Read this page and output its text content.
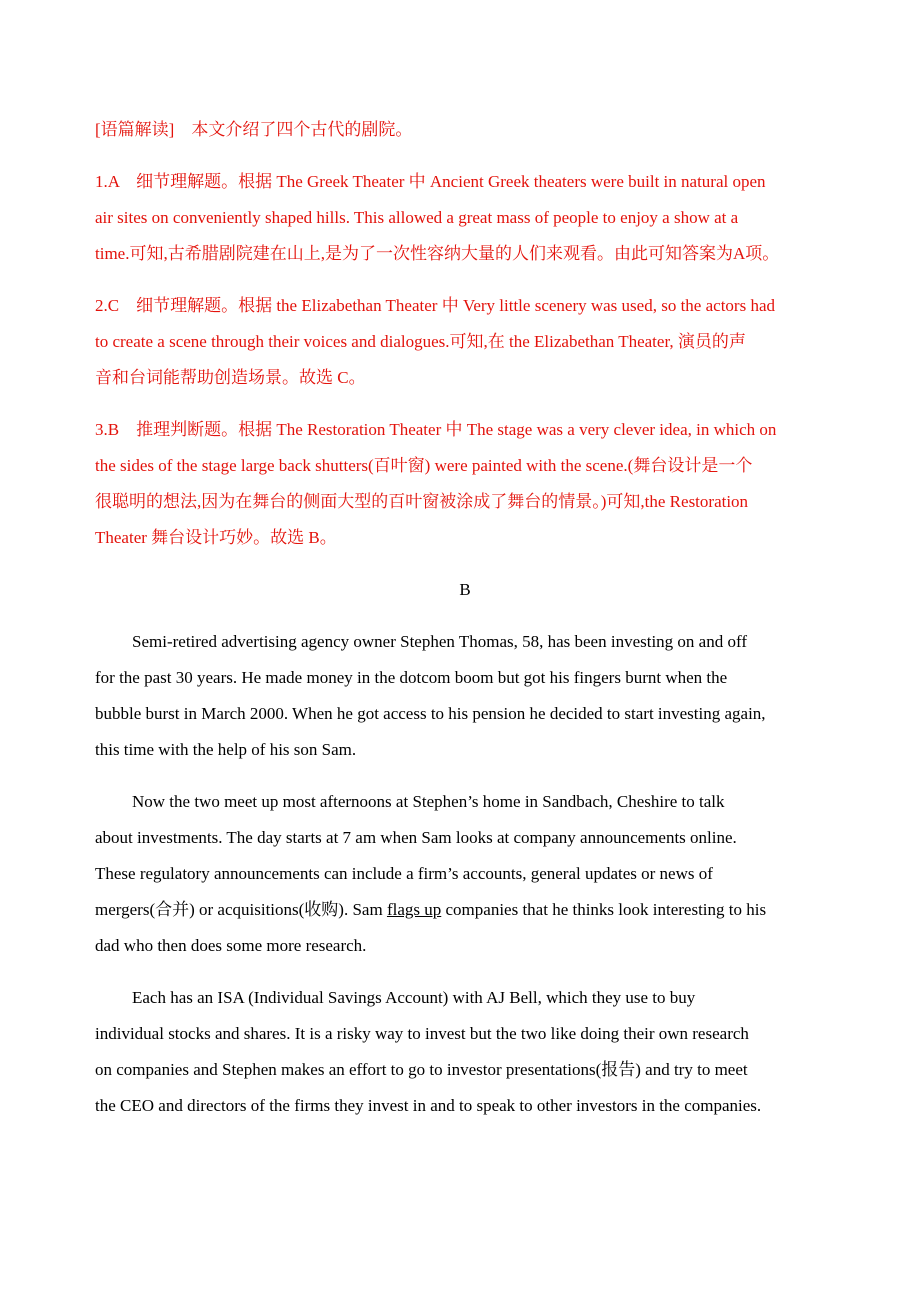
[语篇解读]　本文介绍了四个古代的剧院。
1.A　细节理解题。根据 The Greek Theater 中 Ancient Greek theaters were built in natural open
air sites on conveniently shaped hills. This allowed a great mass of people to enjoy a show at a
time.可知,古希腊剧院建在山上,是为了一次性容纳大量的人们来观看。由此可知答案为A项。
2.C　细节理解题。根据 the Elizabethan Theater 中 Very little scenery was used, so the actors had
to create a scene through their voices and dialogues.可知,在 the Elizabethan Theater, 演员的声
音和台词能帮助创造场景。故选 C。
3.B　推理判断题。根据 The Restoration Theater 中 The stage was a very clever idea, in which on
the sides of the stage large back shutters(百叶窗) were painted with the scene.(舞台设计是一个
很聪明的想法,因为在舞台的侧面大型的百叶窗被涂成了舞台的情景。)可知,the Restoration
Theater 舞台设计巧妙。故选 B。
B
Semi-retired advertising agency owner Stephen Thomas, 58, has been investing on and off
for the past 30 years. He made money in the dotcom boom but got his fingers burnt when the
bubble burst in March 2000. When he got access to his pension he decided to start investing again,
this time with the help of his son Sam.
Now the two meet up most afternoons at Stephen’s home in Sandbach, Cheshire to talk
about investments. The day starts at 7 am when Sam looks at company announcements online.
These regulatory announcements can include a firm’s accounts, general updates or news of
mergers(合并) or acquisitions(收购). Sam flags up companies that he thinks look interesting to his
dad who then does some more research.
Each has an ISA (Individual Savings Account) with AJ Bell, which they use to buy
individual stocks and shares. It is a risky way to invest but the two like doing their own research
on companies and Stephen makes an effort to go to investor presentations(报告) and try to meet
the CEO and directors of the firms they invest in and to speak to other investors in the companies.
